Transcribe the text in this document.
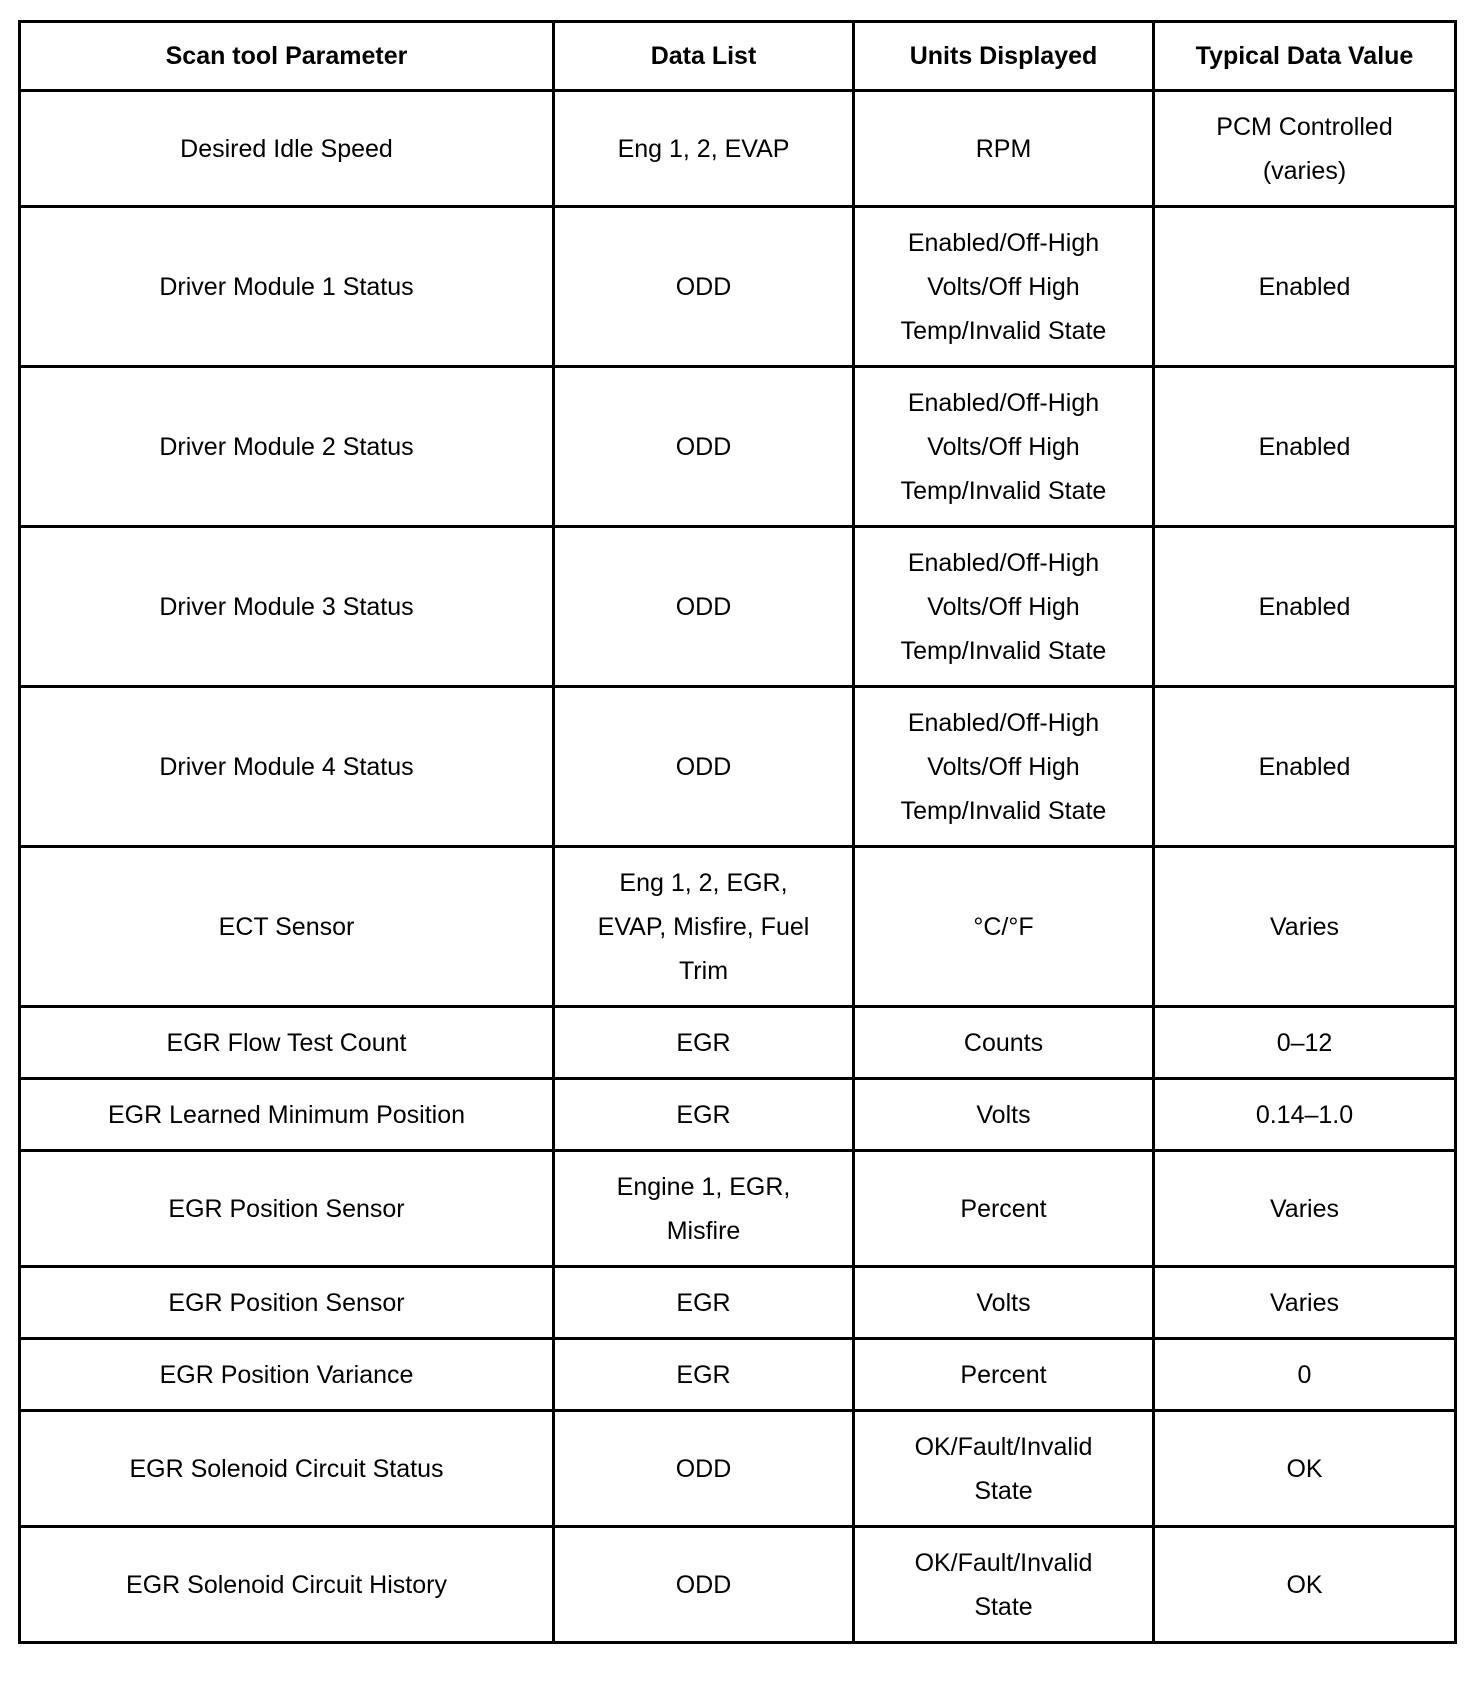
Scan tool Parameter	Data List	Units Displayed	Typical Data Value
Desired Idle Speed	Eng 1, 2, EVAP	RPM	PCM Controlled
(varies)

Driver Module 1 Status	ODD	Enabled/Off-High
Volts/Off High
Temp/Invalid State	Enabled

Driver Module 2 Status	ODD	Enabled/Off-High
Volts/Off High
Temp/Invalid State	Enabled

Driver Module 3 Status	ODD	Enabled/Off-High
Volts/Off High
Temp/Invalid State	Enabled

Driver Module 4 Status	ODD	Enabled/Off-High
Volts/Off High
Temp/Invalid State	Enabled

ECT Sensor	Eng 1, 2, EGR,
EVAP, Misfire, Fuel
Trim	°C/°F	Varies

EGR Flow Test Count	EGR	Counts	0–12

EGR Learned Minimum Position	EGR	Volts	0.14–1.0

EGR Position Sensor	Engine 1, EGR,
Misfire	Percent	Varies

EGR Position Sensor	EGR	Volts	Varies

EGR Position Variance	EGR	Percent	0

EGR Solenoid Circuit Status	ODD	OK/Fault/Invalid
State	OK

EGR Solenoid Circuit History	ODD	OK/Fault/Invalid
State	OK
